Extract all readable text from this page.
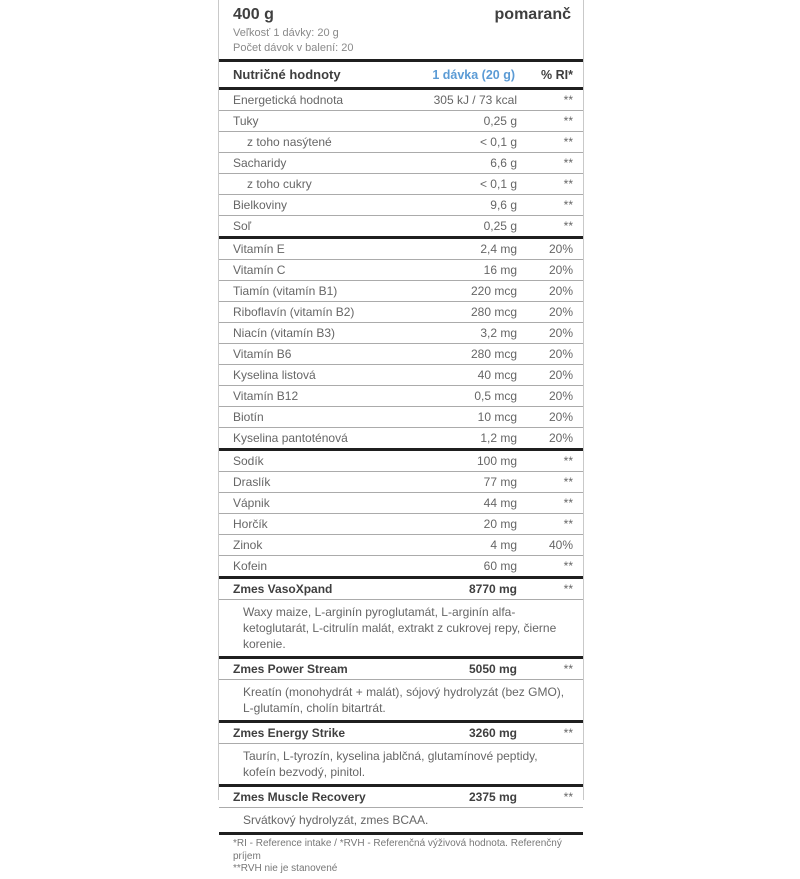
400 g	pomaranč
Veľkosť 1 dávky: 20 g
Počet dávok v balení: 20
Nutričné hodnoty	1 dávka (20 g)	% RI*
Energetická hodnota	305 kJ / 73 kcal	**
Tuky	0,25 g	**
z toho nasýtené	< 0,1 g	**
Sacharidy	6,6 g	**
z toho cukry	< 0,1 g	**
Bielkoviny	9,6 g	**
Soľ	0,25 g	**
Vitamín E	2,4 mg	20%
Vitamín C	16 mg	20%
Tiamín (vitamín B1)	220 mcg	20%
Riboflavín (vitamín B2)	280 mcg	20%
Niacín (vitamín B3)	3,2 mg	20%
Vitamín B6	280 mcg	20%
Kyselina listová	40 mcg	20%
Vitamín B12	0,5 mcg	20%
Biotín	10 mcg	20%
Kyselina pantoténová	1,2 mg	20%
Sodík	100 mg	**
Draslík	77 mg	**
Vápnik	44 mg	**
Horčík	20 mg	**
Zinok	4 mg	40%
Kofein	60 mg	**
Zmes VasoXpand	8770 mg	**
Waxy maize, L-arginín pyroglutamát, L-arginín alfa-ketoglutarát, L-citrulín malát, extrakt z cukrovej repy, čierne korenie.
Zmes Power Stream	5050 mg	**
Kreatín (monohydrát + malát), sójový hydrolyzát (bez GMO), L-glutamín, cholín bitartrát.
Zmes Energy Strike	3260 mg	**
Taurín, L-tyrozín, kyselina jablčná, glutamínové peptidy, kofeín bezvodý, pinitol.
Zmes Muscle Recovery	2375 mg	**
Srvátkový hydrolyzát, zmes BCAA.
*RI - Reference intake / *RVH - Referenčná výživová hodnota. Referenčný príjem
**RVH nie je stanovené
